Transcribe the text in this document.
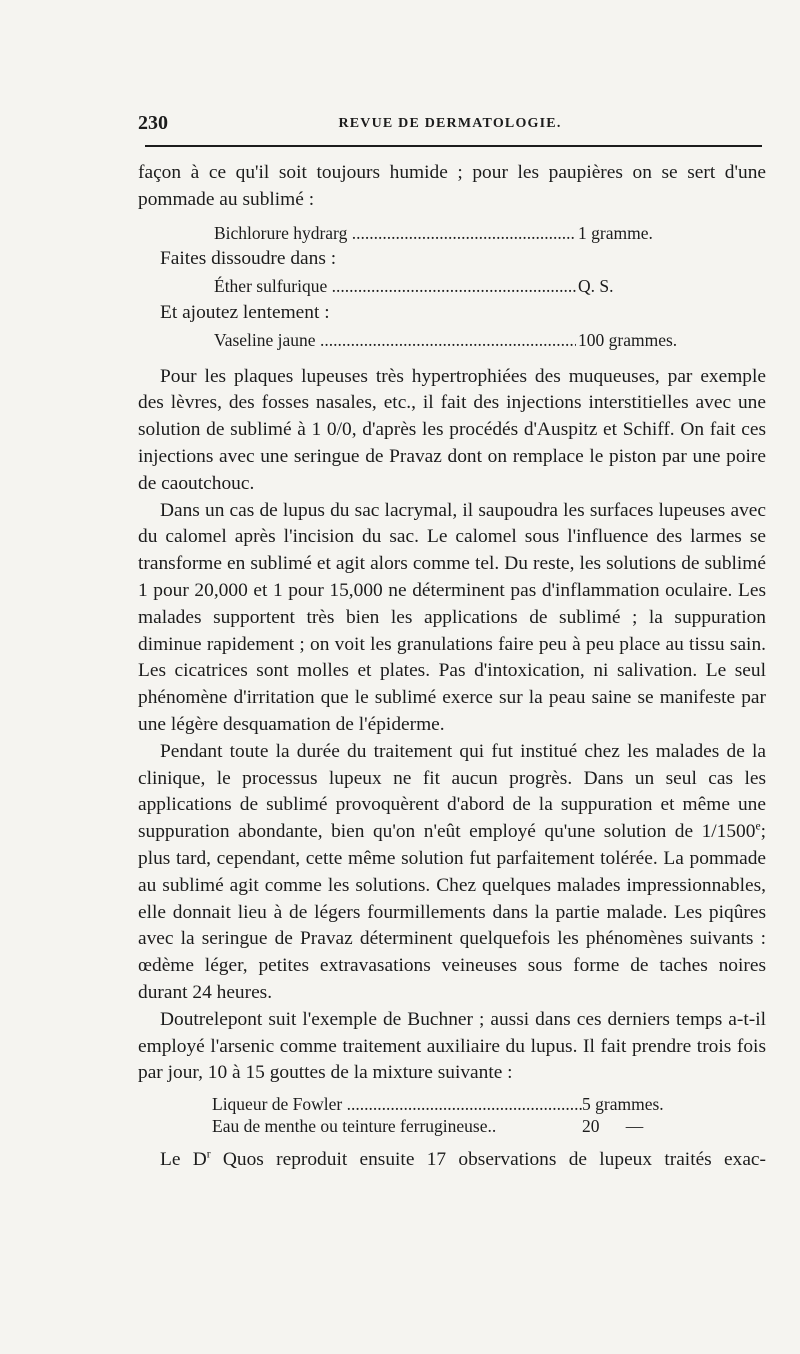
230	REVUE DE DERMATOLOGIE.

façon à ce qu'il soit toujours humide ; pour les paupières on se sert d'une pommade au sublimé :

Bichlorure hydrarg .....	1 gramme.
Faites dissoudre dans :
Éther sulfurique .....	Q. S.
Et ajoutez lentement :
Vaseline jaune .....	100 grammes.

Pour les plaques lupeuses très hypertrophiées des muqueuses, par exemple des lèvres, des fosses nasales, etc., il fait des injections interstitielles avec une solution de sublimé à 1 0/0, d'après les procédés d'Auspitz et Schiff. On fait ces injections avec une seringue de Pravaz dont on remplace le piston par une poire de caoutchouc.

Dans un cas de lupus du sac lacrymal, il saupoudra les surfaces lupeuses avec du calomel après l'incision du sac. Le calomel sous l'influence des larmes se transforme en sublimé et agit alors comme tel. Du reste, les solutions de sublimé 1 pour 20,000 et 1 pour 15,000 ne déterminent pas d'inflammation oculaire. Les malades supportent très bien les applications de sublimé ; la suppuration diminue rapidement ; on voit les granulations faire peu à peu place au tissu sain. Les cicatrices sont molles et plates. Pas d'intoxication, ni salivation. Le seul phénomène d'irritation que le sublimé exerce sur la peau saine se manifeste par une légère desquamation de l'épiderme.

Pendant toute la durée du traitement qui fut institué chez les malades de la clinique, le processus lupeux ne fit aucun progrès. Dans un seul cas les applications de sublimé provoquèrent d'abord de la suppuration et même une suppuration abondante, bien qu'on n'eût employé qu'une solution de 1/1500e; plus tard, cependant, cette même solution fut parfaitement tolérée. La pommade au sublimé agit comme les solutions. Chez quelques malades impressionnables, elle donnait lieu à de légers fourmillements dans la partie malade. Les piqûres avec la seringue de Pravaz déterminent quelquefois les phénomènes suivants : œdème léger, petites extravasations veineuses sous forme de taches noires durant 24 heures.

Doutrelepont suit l'exemple de Buchner ; aussi dans ces derniers temps a-t-il employé l'arsenic comme traitement auxiliaire du lupus. Il fait prendre trois fois par jour, 10 à 15 gouttes de la mixture suivante :

Liqueur de Fowler .....	5 grammes.
Eau de menthe ou teinture ferrugineuse..	20      —

Le $D^r$ Quos reproduit ensuite 17 observations de lupeux traités exac-
